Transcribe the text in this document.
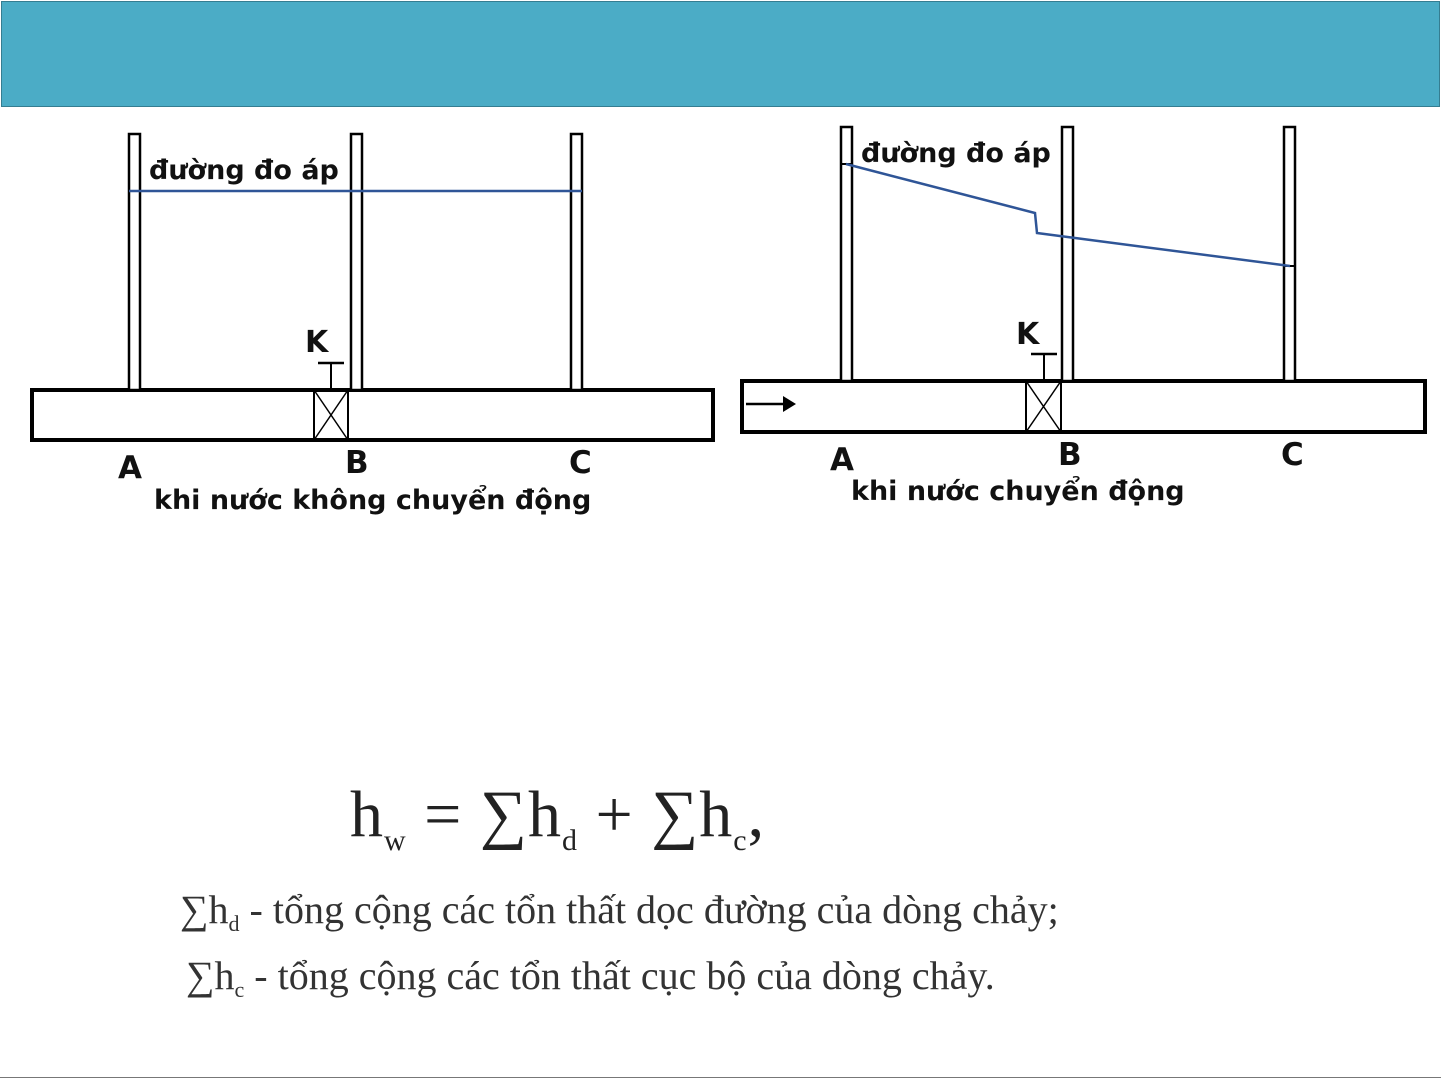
đường đo áp
K
A	B	C
khi nước không chuyển động
đường đo áp
K
A	B	C
khi nước chuyển động
$h_w = \sum h_d + \sum h_c$,
$\sum h_d$ - tổng cộng các tổn thất dọc đường của dòng chảy;
$\sum h_c$ - tổng cộng các tổn thất cục bộ của dòng chảy.
